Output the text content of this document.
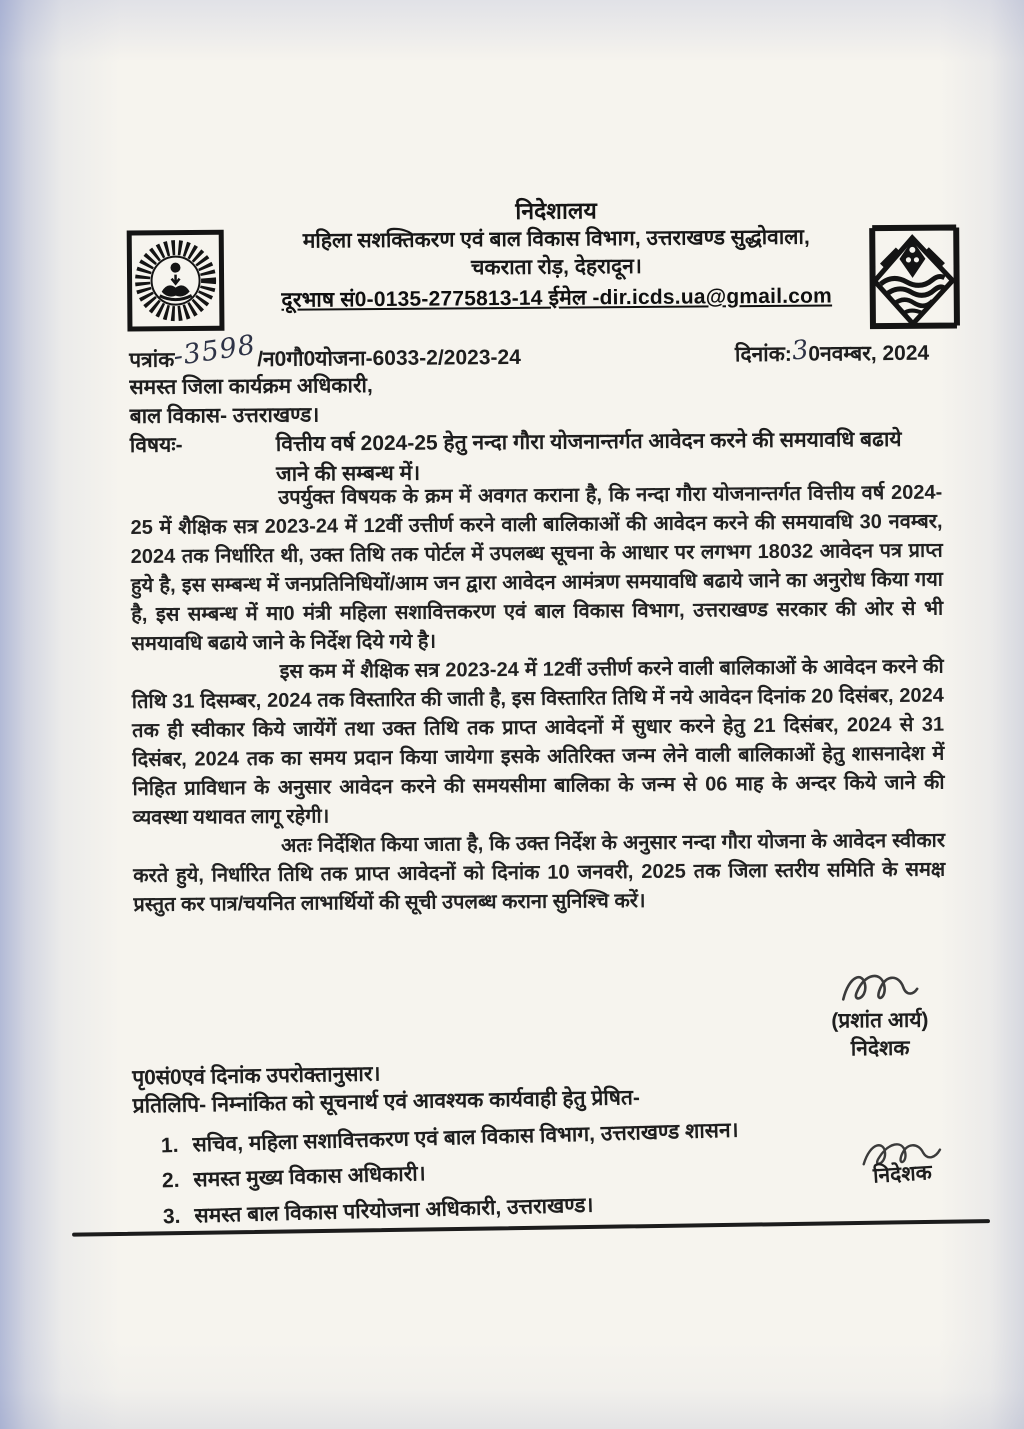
निदेशालय
महिला सशक्तिकरण एवं बाल विकास विभाग, उत्तराखण्ड सुद्धोवाला,
चकराता रोड़, देहरादून।
दूरभाष सं0-0135-2775813-14 ईमेल -dir.icds.ua@gmail.com
पत्रांक-3598/न0गौ0योजना-6033-2/2023-24	दिनांक:30नवम्बर, 2024
समस्त जिला कार्यक्रम अधिकारी,
बाल विकास- उत्तराखण्ड।
विषयः-	वित्तीय वर्ष 2024-25 हेतु नन्दा गौरा योजनान्तर्गत आवेदन करने की समयावधि बढाये जाने की सम्बन्ध में।

उपर्युक्त विषयक के क्रम में अवगत कराना है, कि नन्दा गौरा योजनान्तर्गत वित्तीय वर्ष 2024-25 में शैक्षिक सत्र 2023-24 में 12वीं उत्तीर्ण करने वाली बालिकाओं की आवेदन करने की समयावधि 30 नवम्बर, 2024 तक निर्धारित थी, उक्त तिथि तक पोर्टल में उपलब्ध सूचना के आधार पर लगभग 18032 आवेदन पत्र प्राप्त हुये है, इस सम्बन्ध में जनप्रतिनिधियों/आम जन द्वारा आवेदन आमंत्रण समयावधि बढाये जाने का अनुरोध किया गया है, इस सम्बन्ध में मा0 मंत्री महिला सशावित्तकरण एवं बाल विकास विभाग, उत्तराखण्ड सरकार की ओर से भी समयावधि बढाये जाने के निर्देश दिये गये है।

इस कम में शैक्षिक सत्र 2023-24 में 12वीं उत्तीर्ण करने वाली बालिकाओं के आवेदन करने की तिथि 31 दिसम्बर, 2024 तक विस्तारित की जाती है, इस विस्तारित तिथि में नये आवेदन दिनांक 20 दिसंबर, 2024 तक ही स्वीकार किये जायेंगें तथा उक्त तिथि तक प्राप्त आवेदनों में सुधार करने हेतु 21 दिसंबर, 2024 से 31 दिसंबर, 2024 तक का समय प्रदान किया जायेगा इसके अतिरिक्त जन्म लेने वाली बालिकाओं हेतु शासनादेश में निहित प्राविधान के अनुसार आवेदन करने की समयसीमा बालिका के जन्म से 06 माह के अन्दर किये जाने की व्यवस्था यथावत लागू रहेगी।

अतः निर्देशित किया जाता है, कि उक्त निर्देश के अनुसार नन्दा गौरा योजना के आवेदन स्वीकार करते हुये, निर्धारित तिथि तक प्राप्त आवेदनों को दिनांक 10 जनवरी, 2025 तक जिला स्तरीय समिति के समक्ष प्रस्तुत कर पात्र/चयनित लाभार्थियों की सूची उपलब्ध कराना सुनिश्चि करें।

(प्रशांत आर्य)
निदेशक
पृ0सं0एवं दिनांक उपरोक्तानुसार।
प्रतिलिपि- निम्नांकित को सूचनार्थ एवं आवश्यक कार्यवाही हेतु प्रेषित-
सचिव, महिला सशावित्तकरण एवं बाल विकास विभाग, उत्तराखण्ड शासन।
समस्त मुख्य विकास अधिकारी।
समस्त बाल विकास परियोजना अधिकारी, उत्तराखण्ड।
निदेशक
